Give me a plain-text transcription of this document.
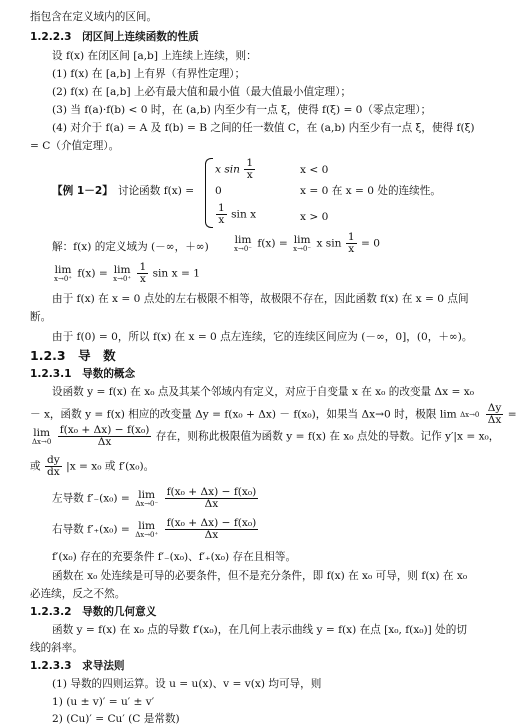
指包含在定义域内的区间。
1.2.2.3　闭区间上连续函数的性质
设 f(x) 在闭区间 [a,b] 上连续上连续，则：
(1) f(x) 在 [a,b] 上有界（有界性定理）；
(2) f(x) 在 [a,b] 上必有最大值和最小值（最大值最小值定理）；
(3) 当 f(a)·f(b) < 0 时，在 (a,b) 内至少有一点 ξ，使得 f(ξ) = 0（零点定理）；
(4) 对介于 f(a) = A 及 f(b) = B 之间的任一数值 C，在 (a,b) 内至少有一点 ξ，使得 f(ξ)
= C（介值定理）。
【例 1－2】 讨论函数 f(x) =
x $\sin \frac{1}{x}$	x < 0
0	x = 0 在 x = 0 处的连续性。
$\frac{1}{x}$ sin x	x > 0
解：f(x) 的定义域为 (－∞，＋∞)
lim
x→0⁻ f(x) = lim
x→0⁻ x $\sin \frac{1}{x} = 0$
lim
x→0⁺ f(x) = lim
x→0⁺
$\frac{1}{x}$ sin x = 1
由于 f(x) 在 x = 0 点处的左右极限不相等，故极限不存在，因此函数 f(x) 在 x = 0 点间
断。
由于 f(0) = 0，所以 f(x) 在 x = 0 点左连续，它的连续区间应为 (－∞，0]，(0，＋∞)。
1.2.3　导　数
1.2.3.1　导数的概念
设函数 y = f(x) 在 x₀ 点及其某个邻域内有定义，对应于自变量 x 在 x₀ 的改变量 Δx = x₀
－ x，函数 y = f(x) 相应的改变量 Δy = f(x₀ + Δx) － f(x₀)，如果当 Δx→0 时，极限 lim Δx→0
$\frac{\Delta y}{\Delta x}$ =
lim
Δx→0
$\frac{\text{f(x₀ + Δx) − f(x₀)}}{\Delta x}$ 存在，则称此极限值为函数 y = f(x) 在 x₀ 点处的导数。记作 y′|x = x₀，
或 $\frac{dy}{dx} |x = x_0$ 或 f′(x₀)。
左导数 f′₋(x₀) = lim
Δx→0⁻
$\frac{\text{f(x₀ + Δx) − f(x₀)}}{\Delta x}$
右导数 f′₊(x₀) = lim
Δx→0⁺
$\frac{\text{f(x₀ + Δx) − f(x₀)}}{\Delta x}$
f′(x₀) 存在的充要条件 f′₋(x₀)、f′₊(x₀) 存在且相等。
函数在 x₀ 处连续是可导的必要条件，但不是充分条件，即 f(x) 在 x₀ 可导，则 f(x) 在 x₀
必连续，反之不然。
1.2.3.2　导数的几何意义
函数 y = f(x) 在 x₀ 点的导数 f′(x₀)，在几何上表示曲线 y = f(x) 在点 [x₀, f(x₀)] 处的切
线的斜率。
1.2.3.3　求导法则
(1) 导数的四则运算。设 u = u(x)、v = v(x) 均可导，则
1) (u ± v)′ = u′ ± v′
2) (Cu)′ = Cu′ (C 是常数)
